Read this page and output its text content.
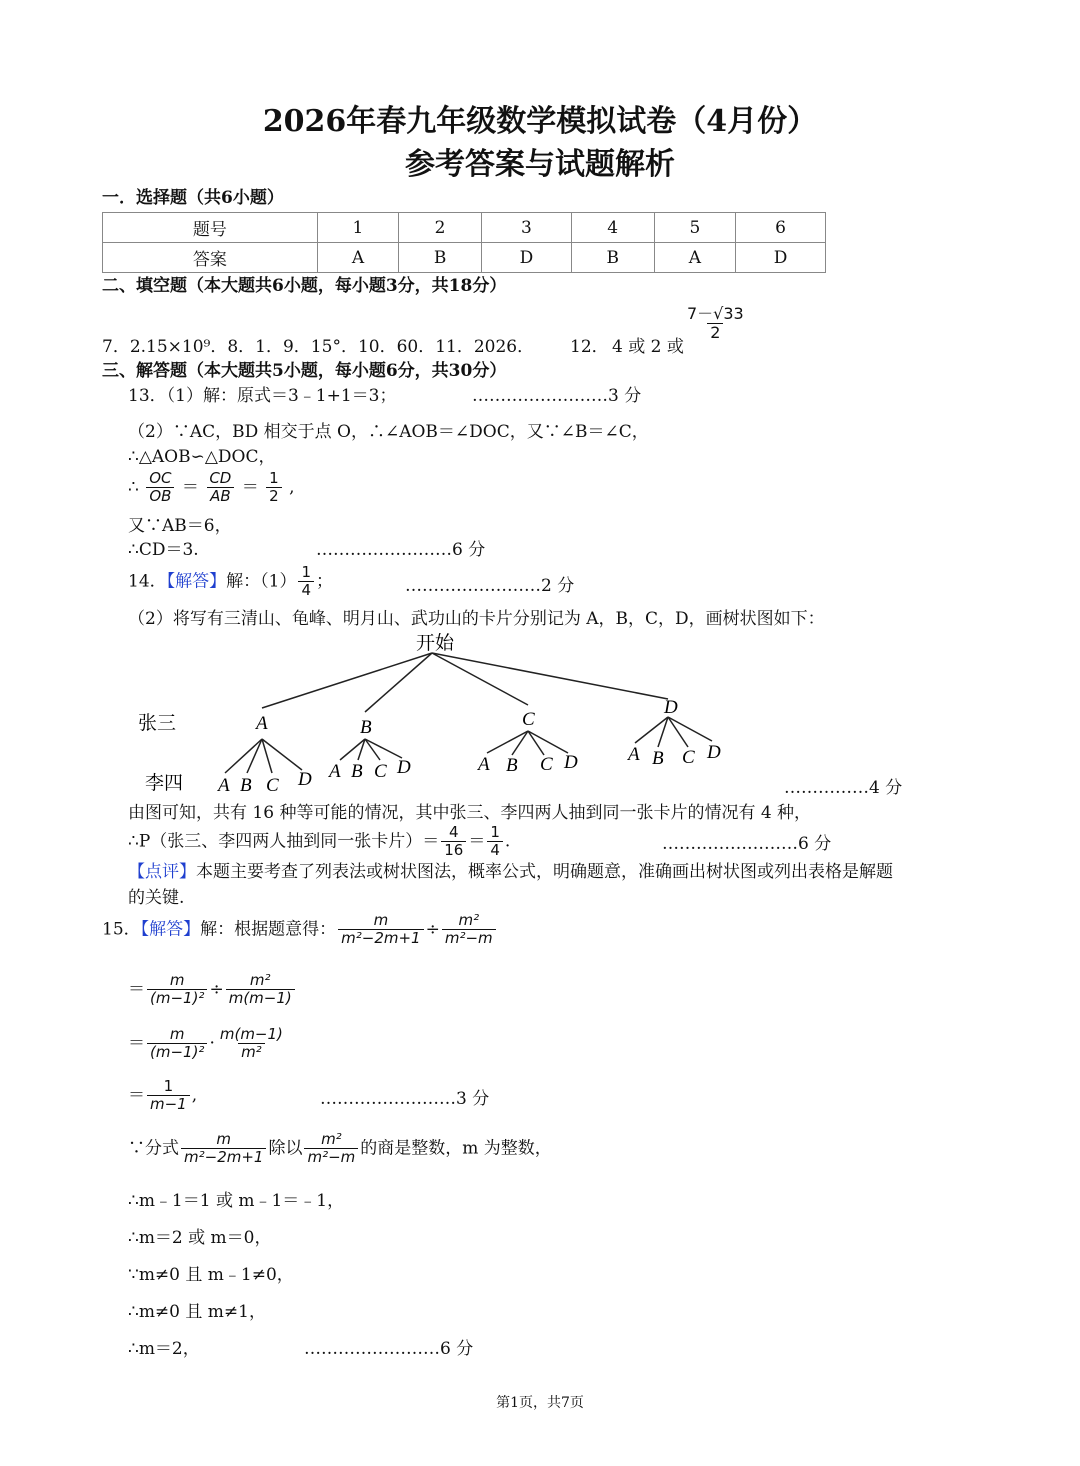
2026年春九年级数学模拟试卷（4月份）
参考答案与试题解析
一．选择题（共6小题）
题号	1	2	3	4	5	6
答案	A	B	D	B	A	D
二、填空题（本大题共6小题，每小题3分，共18分）
7．2.15×10⁹．8．1．9．15°．10．60．11．2026． 12． 4 或 2 或
$\frac{7-√33}{2}$
三、解答题（本大题共5小题，每小题6分，共30分）
13．（1）解：原式＝3﹣1+1＝3；	……………………3 分
（2）∵AC，BD 相交于点 O，∴∠AOB＝∠DOC，又∵∠B＝∠C，
∴△AOB∽△DOC，
∴ $\frac{OC}{OB} = \frac{CD}{AB} = \frac{1}{2}$ ,
又∵AB＝6，
∴CD＝3.	……………………6 分
14．【解答】解：$(1) \frac{1}{4}$ ；	……………………2 分
（2）将写有三清山、龟峰、明月山、武功山的卡片分别记为 A，B，C，D，画树状图如下：
开始
张三
李四
A	B	C
D
A B C D A B C D	A B C D	A B C D
……………4 分
由图可知，共有 16 种等可能的情况，其中张三、李四两人抽到同一张卡片的情况有 4 种，
∴P（张三、李四两人抽到同一张卡片）＝ $\frac{4}{16} = \frac{1}{4}$ .	……………………6 分
【点评】本题主要考查了列表法或树状图法，概率公式，明确题意，准确画出树状图或列出表格是解题
的关键.
15．【解答】解：根据题意得： $\frac{m}{\text{m²−2m+1}} \div \frac{\text{m²}}{\text{m²−m}}$
＝ $\frac{m}{\text{(m−1)²}} \div \frac{\text{m²}}{m(m-1)}$
＝ $\frac{m}{\text{(m−1)²}} \cdot \frac{m(m-1)}{\text{m²}}$
＝ $\frac{1}{m-1}$ ,	……………………3 分
∵分式 $\frac{m}{\text{m²−2m+1}}$ 除以 $\frac{\text{m²}}{\text{m²−m}}$ 的商是整数，m 为整数，
∴m﹣1＝1 或 m﹣1＝﹣1，
∴m＝2 或 m＝0，
∵m≠0 且 m﹣1≠0，
∴m≠0 且 m≠1，
∴m＝2，	……………………6 分
第1页，共7页
